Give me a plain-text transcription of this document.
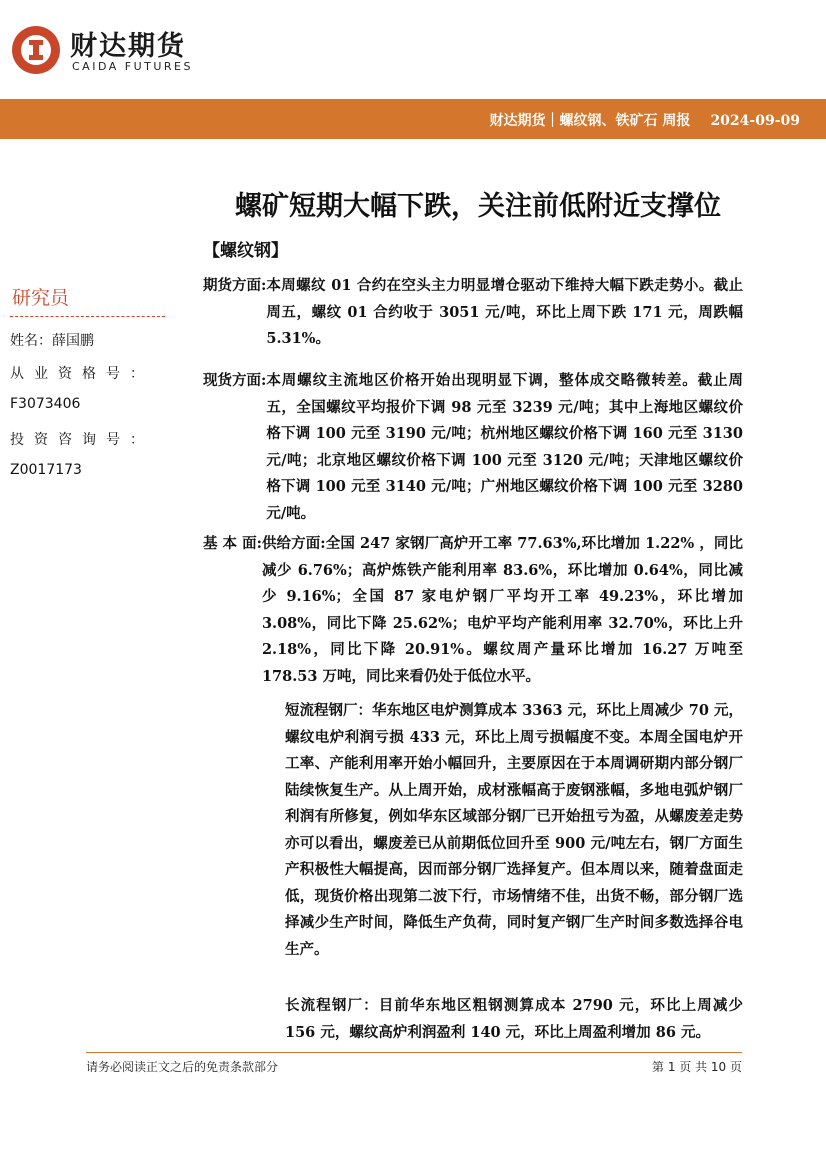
财达期货
CAIDA FUTURES
财达期货｜螺纹钢、铁矿石 周报 2024-09-09
螺矿短期大幅下跌，关注前低附近支撑位
【螺纹钢】
研究员
姓名：薛国鹏
从业资格号：
F3073406
投资咨询号：
Z0017173
期货方面: 本周螺纹 01 合约在空头主力明显增仓驱动下维持大幅下跌走势小。截止周五，螺纹 01 合约收于 3051 元/吨，环比上周下跌 171 元，周跌幅 5.31%。
现货方面: 本周螺纹主流地区价格开始出现明显下调，整体成交略微转差。截止周五，全国螺纹平均报价下调 98 元至 3239 元/吨；其中上海地区螺纹价格下调 100 元至 3190 元/吨；杭州地区螺纹价格下调 160 元至 3130 元/吨；北京地区螺纹价格下调 100 元至 3120 元/吨；天津地区螺纹价格下调 100 元至 3140 元/吨；广州地区螺纹价格下调 100 元至 3280 元/吨。
基 本 面: 供给方面:全国 247 家钢厂高炉开工率 77.63%,环比增加 1.22% ，同比减少 6.76%；高炉炼铁产能利用率 83.6%，环比增加 0.64%，同比减少 9.16%；全国 87 家电炉钢厂平均开工率 49.23%，环比增加 3.08%，同比下降 25.62%；电炉平均产能利用率 32.70%，环比上升 2.18%，同比下降 20.91%。螺纹周产量环比增加 16.27 万吨至 178.53 万吨，同比来看仍处于低位水平。
短流程钢厂：华东地区电炉测算成本 3363 元，环比上周减少 70 元，螺纹电炉利润亏损 433 元，环比上周亏损幅度不变。本周全国电炉开工率、产能利用率开始小幅回升，主要原因在于本周调研期内部分钢厂陆续恢复生产。从上周开始，成材涨幅高于废钢涨幅，多地电弧炉钢厂利润有所修复，例如华东区域部分钢厂已开始扭亏为盈，从螺废差走势亦可以看出，螺废差已从前期低位回升至 900 元/吨左右，钢厂方面生产积极性大幅提高，因而部分钢厂选择复产。但本周以来，随着盘面走低，现货价格出现第二波下行，市场情绪不佳，出货不畅，部分钢厂选择减少生产时间，降低生产负荷，同时复产钢厂生产时间多数选择谷电生产。
长流程钢厂：目前华东地区粗钢测算成本 2790 元，环比上周减少 156 元，螺纹高炉利润盈利 140 元，环比上周盈利增加 86 元。
请务必阅读正文之后的免责条款部分	第 1 页 共 10 页
